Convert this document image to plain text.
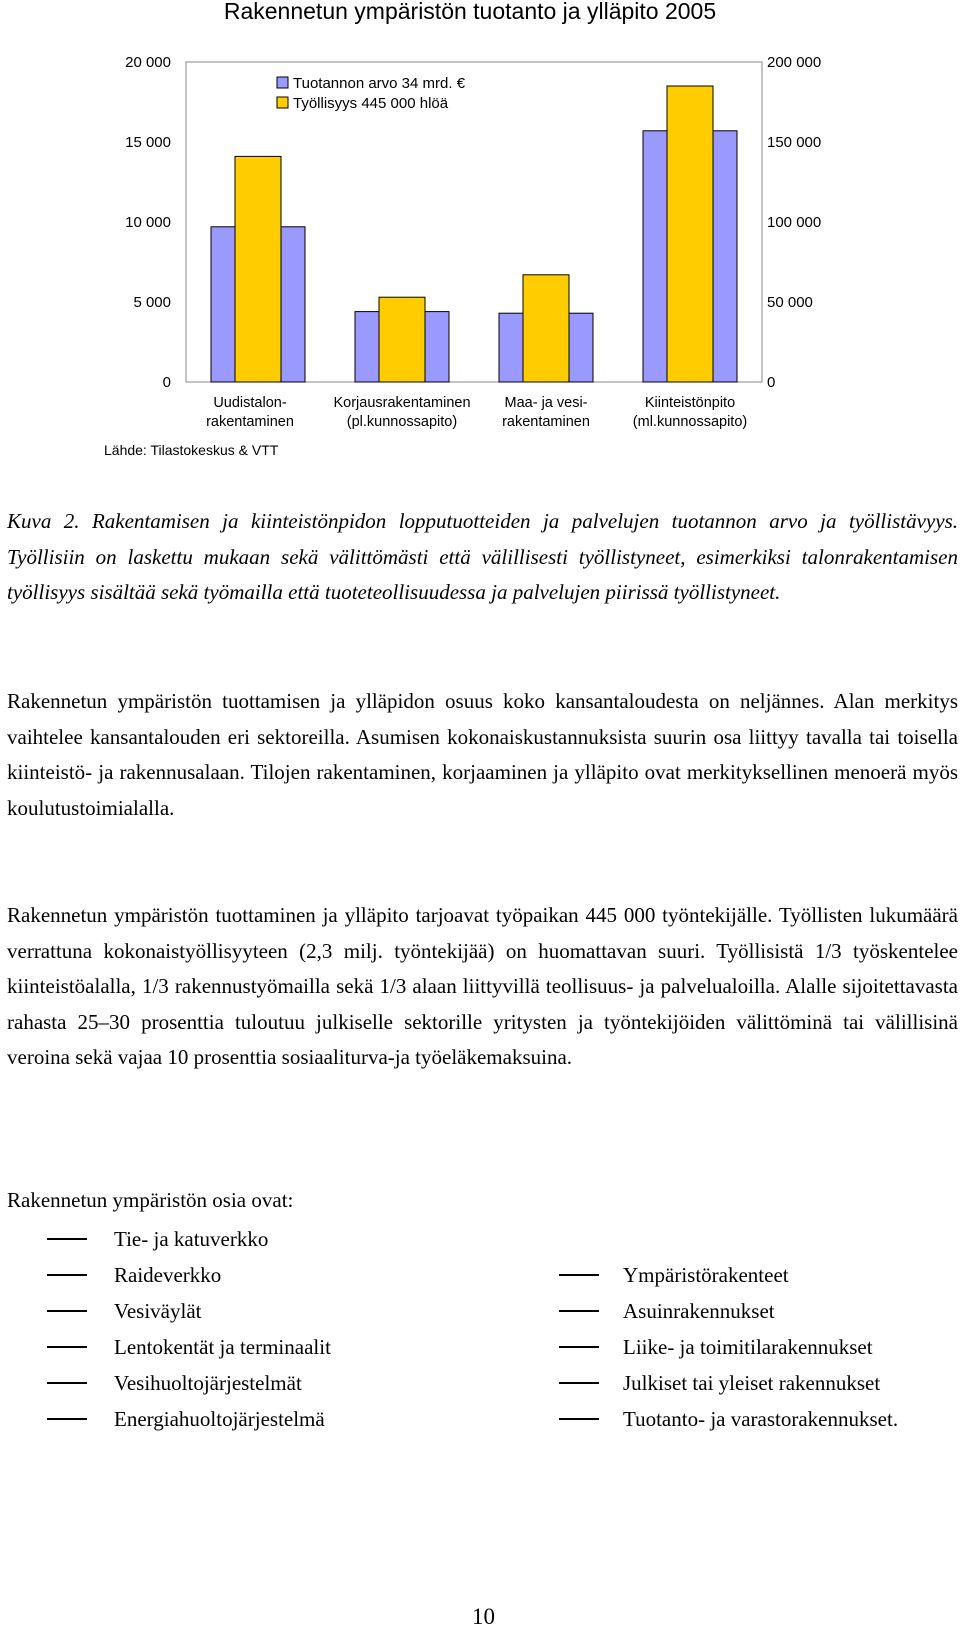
Rakennetun ympäristön tuotanto ja ylläpito 2005
0
5 000
10 000
15 000
20 000
0
50 000
100 000
150 000
200 000
Uudistalon-rakentaminen
Korjausrakentaminen (pl.kunnossapito)
Maa- ja vesi-rakentaminen
Kiinteistönpito (ml.kunnossapito)
Tuotannon arvo 34 mrd. €
Työllisyys 445 000 hlöä
Lähde: Tilastokeskus & VTT
Kuva 2. Rakentamisen ja kiinteistönpidon lopputuotteiden ja palvelujen tuotannon arvo ja työllistävyys. Työllisiin on laskettu mukaan sekä välittömästi että välillisesti työllistyneet, esimerkiksi talonrakentamisen työllisyys sisältää sekä työmailla että tuoteteollisuudessa ja palvelujen piirissä työllistyneet.
Rakennetun ympäristön tuottamisen ja ylläpidon osuus koko kansantaloudesta on neljännes. Alan merkitys vaihtelee kansantalouden eri sektoreilla. Asumisen kokonaiskustannuksista suurin osa liittyy tavalla tai toisella kiinteistö- ja rakennusalaan. Tilojen rakentaminen, korjaaminen ja ylläpito ovat merkityksellinen menoerä myös koulutustoimialalla.
Rakennetun ympäristön tuottaminen ja ylläpito tarjoavat työpaikan 445 000 työntekijälle. Työllisten lukumäärä verrattuna kokonaistyöllisyyteen (2,3 milj. työntekijää) on huomattavan suuri. Työllisistä 1/3 työskentelee kiinteistöalalla, 1/3 rakennustyömailla sekä 1/3 alaan liittyvillä teollisuus- ja palvelualoilla. Alalle sijoitettavasta rahasta 25–30 prosenttia tuloutuu julkiselle sektorille yritysten ja työntekijöiden välittöminä tai välillisinä veroina sekä vajaa 10 prosenttia sosiaaliturva-ja työeläkemaksuina.
Rakennetun ympäristön osia ovat:
Tie- ja katuverkko
Raideverkko
Vesiväylät
Lentokentät ja terminaalit
Vesihuoltojärjestelmät
Energiahuoltojärjestelmä
Ympäristörakenteet
Asuinrakennukset
Liike- ja toimitilarakennukset
Julkiset tai yleiset rakennukset
Tuotanto- ja varastorakennukset.
10
